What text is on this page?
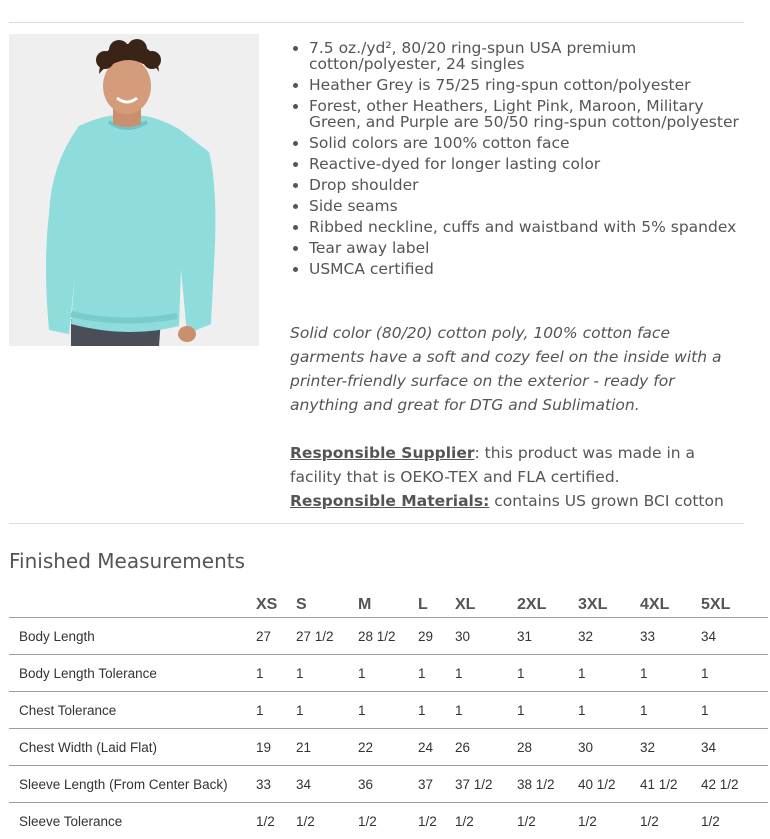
• 7.5 oz./yd², 80/20 ring-spun USA premium cotton/polyester, 24 singles
• Heather Grey is 75/25 ring-spun cotton/polyester
• Forest, other Heathers, Light Pink, Maroon, Military Green, and Purple are 50/50 ring-spun cotton/polyester
• Solid colors are 100% cotton face
• Reactive-dyed for longer lasting color
• Drop shoulder
• Side seams
• Ribbed neckline, cuffs and waistband with 5% spandex
• Tear away label
• USMCA certified

Solid color (80/20) cotton poly, 100% cotton face garments have a soft and cozy feel on the inside with a printer-friendly surface on the exterior - ready for anything and great for DTG and Sublimation.

Responsible Supplier: this product was made in a facility that is OEKO-TEX and FLA certified.
Responsible Materials: contains US grown BCI cotton

Finished Measurements
	XS	S	M	L	XL	2XL	3XL	4XL	5XL
Body Length	27	27 1/2	28 1/2	29	30	31	32	33	34
Body Length Tolerance	1	1	1	1	1	1	1	1	1
Chest Tolerance	1	1	1	1	1	1	1	1	1
Chest Width (Laid Flat)	19	21	22	24	26	28	30	32	34
Sleeve Length (From Center Back)	33	34	36	37	37 1/2	38 1/2	40 1/2	41 1/2	42 1/2
Sleeve Tolerance	1/2	1/2	1/2	1/2	1/2	1/2	1/2	1/2	1/2
